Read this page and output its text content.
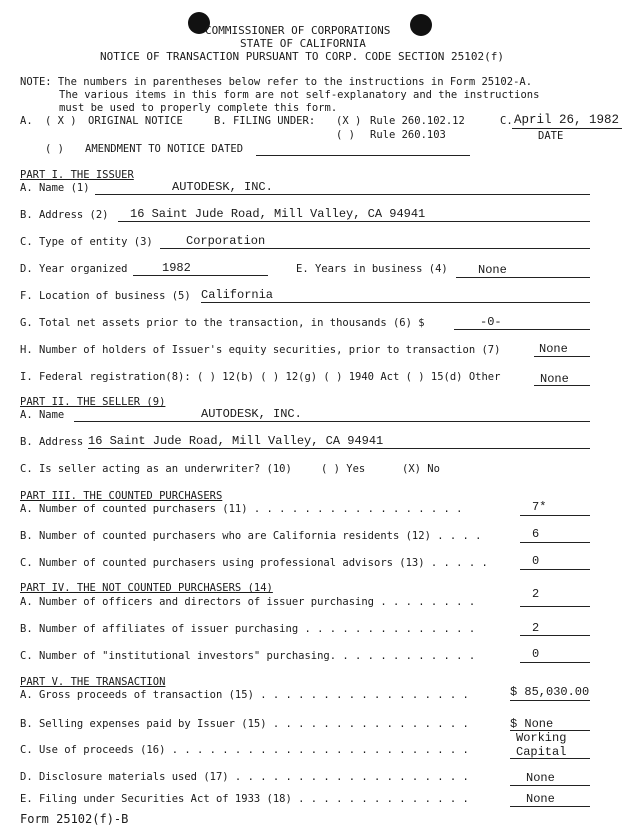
COMMISSIONER OF CORPORATIONS
STATE OF CALIFORNIA
NOTICE OF TRANSACTION PURSUANT TO CORP. CODE SECTION 25102(f)
NOTE: The numbers in parentheses below refer to the instructions in Form 25102-A.
The various items in this form are not self-explanatory and the instructions
must be used to properly complete this form.
A. ( X ) ORIGINAL NOTICE	B. FILING UNDER: (X ) Rule 260.102.12
( ) Rule 260.103
C. April 26, 1982
DATE
( ) AMENDMENT TO NOTICE DATED
PART I. THE ISSUER
A. Name (1)	AUTODESK, INC.
B. Address (2) 16 Saint Jude Road, Mill Valley, CA 94941
C. Type of entity (3)	Corporation
D. Year organized	1982	E. Years in business (4)	None
F. Location of business (5) California
G. Total net assets prior to the transaction, in thousands (6) $	-0-
H. Number of holders of Issuer's equity securities, prior to transaction (7)	None
I. Federal registration(8): ( ) 12(b) ( ) 12(g) ( ) 1940 Act ( ) 15(d) Other	None
PART II. THE SELLER (9)
A. Name	AUTODESK, INC.
B. Address 16 Saint Jude Road, Mill Valley, CA 94941
C. Is seller acting as an underwriter? (10)	( ) Yes	(X) No
PART III. THE COUNTED PURCHASERS
A. Number of counted purchasers (11) . . . . . . . . . . . . . . . . .	7*
B. Number of counted purchasers who are California residents (12) . . . .	6
C. Number of counted purchasers using professional advisors (13) . . . . .	0
PART IV. THE NOT COUNTED PURCHASERS (14)
A. Number of officers and directors of issuer purchasing . . . . . . . .
2
B. Number of affiliates of issuer purchasing . . . . . . . . . . . . . .	2
C. Number of "institutional investors" purchasing. . . . . . . . . . . .	0
PART V. THE TRANSACTION
A. Gross proceeds of transaction (15) . . . . . . . . . . . . . . . . .	$ 85,030.00
B. Selling expenses paid by Issuer (15) . . . . . . . . . . . . . . . .	$ None
C. Use of proceeds (16) . . . . . . . . . . . . . . . . . . . . . . . .
Working
Capital
D. Disclosure materials used (17) . . . . . . . . . . . . . . . . . . .	None
E. Filing under Securities Act of 1933 (18) . . . . . . . . . . . . . .	None
Form 25102(f)-B
